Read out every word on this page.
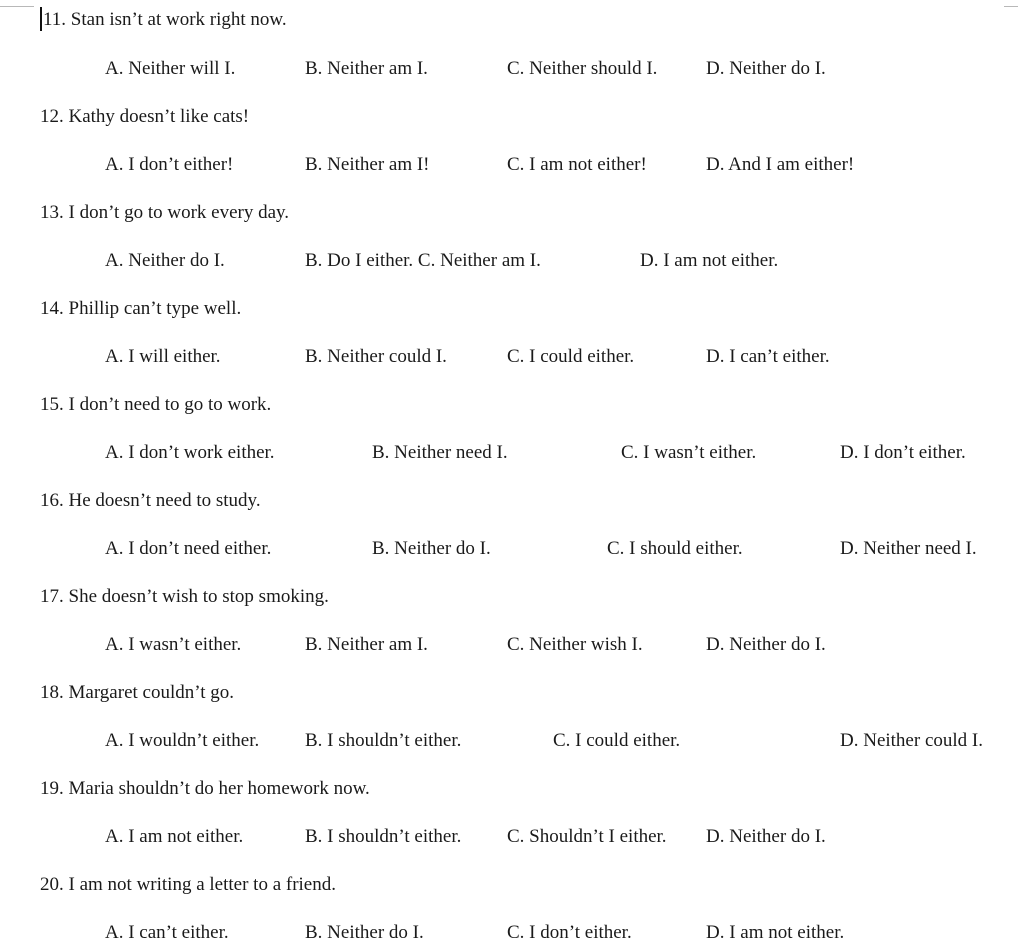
11. Stan isn’t at work right now.
A. Neither will I.	B. Neither am I.	C. Neither should I.	D. Neither do I.
12. Kathy doesn’t like cats!
A. I don’t either!	B. Neither am I!	C. I am not either!	D. And I am either!
13. I don’t go to work every day.
A. Neither do I.	B. Do I either. C. Neither am I.	D. I am not either.
14. Phillip can’t type well.
A. I will either.	B. Neither could I.	C. I could either.	D. I can’t either.
15. I don’t need to go to work.
A. I don’t work either.	B. Neither need I.	C. I wasn’t either.	D. I don’t either.
16. He doesn’t need to study.
A. I don’t need either.	B. Neither do I.	C. I should either.	D. Neither need I.
17. She doesn’t wish to stop smoking.
A. I wasn’t either.	B. Neither am I.	C. Neither wish I.	D. Neither do I.
18. Margaret couldn’t go.
A. I wouldn’t either. B. I shouldn’t either.	C. I could either.	D. Neither could I.
19. Maria shouldn’t do her homework now.
A. I am not either.	B. I shouldn’t either. C. Shouldn’t I either. D. Neither do I.
20. I am not writing a letter to a friend.
A. I can’t either.	B. Neither do I.	C. I don’t either.	D. I am not either.
